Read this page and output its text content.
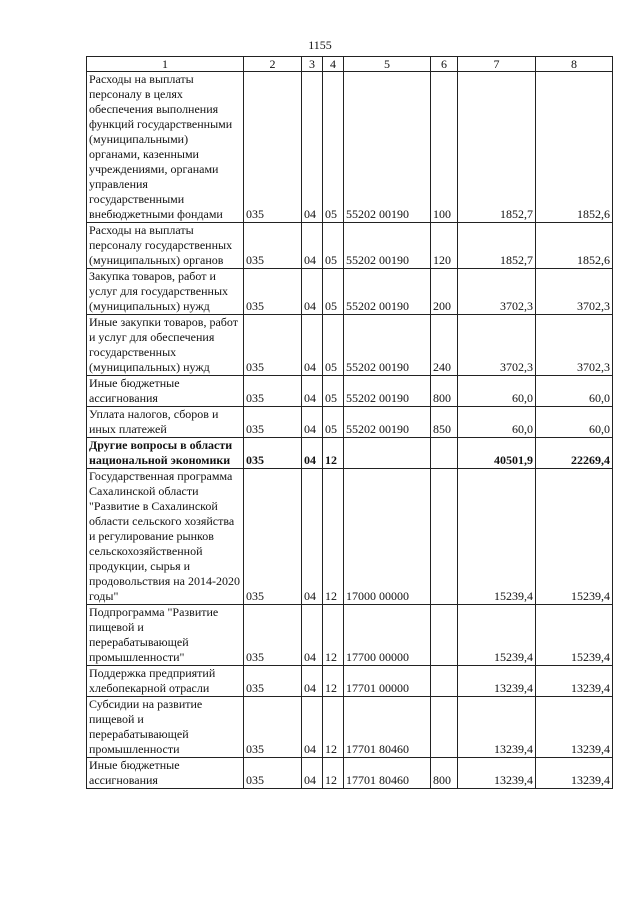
1155
1	2	3	4	5	6	7	8
Расходы на выплаты персоналу в целях обеспечения выполнения функций государственными (муниципальными) органами, казенными учреждениями, органами управления государственными внебюджетными фондами	035	04	05	55202 00190	100	1852,7	1852,6
Расходы на выплаты персоналу государственных (муниципальных) органов	035	04	05	55202 00190	120	1852,7	1852,6
Закупка товаров, работ и услуг для государственных (муниципальных) нужд	035	04	05	55202 00190	200	3702,3	3702,3
Иные закупки товаров, работ и услуг для обеспечения государственных (муниципальных) нужд	035	04	05	55202 00190	240	3702,3	3702,3
Иные бюджетные ассигнования	035	04	05	55202 00190	800	60,0	60,0
Уплата налогов, сборов и иных платежей	035	04	05	55202 00190	850	60,0	60,0
Другие вопросы в области национальной экономики	035	04	12			40501,9	22269,4
Государственная программа Сахалинской области "Развитие в Сахалинской области сельского хозяйства и регулирование рынков сельскохозяйственной продукции, сырья и продовольствия на 2014-2020 годы"	035	04	12	17000 00000		15239,4	15239,4
Подпрограмма "Развитие пищевой и перерабатывающей промышленности"	035	04	12	17700 00000		15239,4	15239,4
Поддержка предприятий хлебопекарной отрасли	035	04	12	17701 00000		13239,4	13239,4
Субсидии на развитие пищевой и перерабатывающей промышленности	035	04	12	17701 80460		13239,4	13239,4
Иные бюджетные ассигнования	035	04	12	17701 80460	800	13239,4	13239,4
